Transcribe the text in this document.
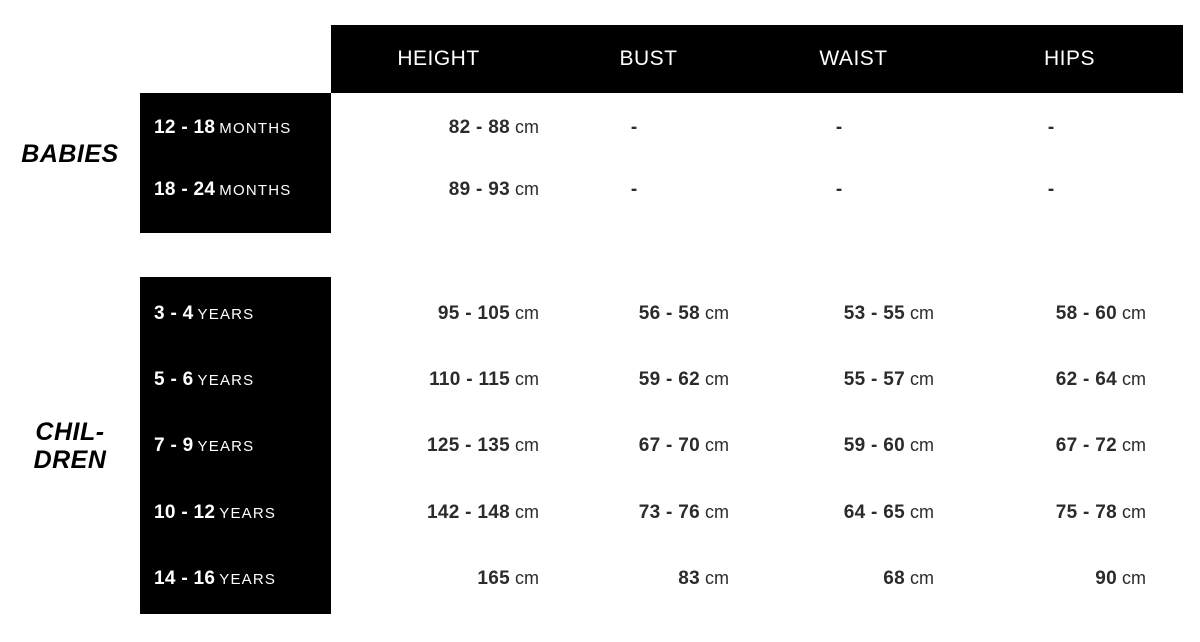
HEIGHT	BUST	WAIST	HIPS
BABIES
CHIL-
DREN
12 - 18 MONTHS	82 - 88 cm	-	-	-
18 - 24 MONTHS	89 - 93 cm	-	-	-
3 - 4 YEARS	95 - 105 cm	56 - 58 cm	53 - 55 cm	58 - 60 cm
5 - 6 YEARS	110 - 115 cm	59 - 62 cm	55 - 57 cm	62 - 64 cm
7 - 9 YEARS	125 - 135 cm	67 - 70 cm	59 - 60 cm	67 - 72 cm
10 - 12 YEARS	142 - 148 cm	73 - 76 cm	64 - 65 cm	75 - 78 cm
14 - 16 YEARS	165 cm	83 cm	68 cm	90 cm
